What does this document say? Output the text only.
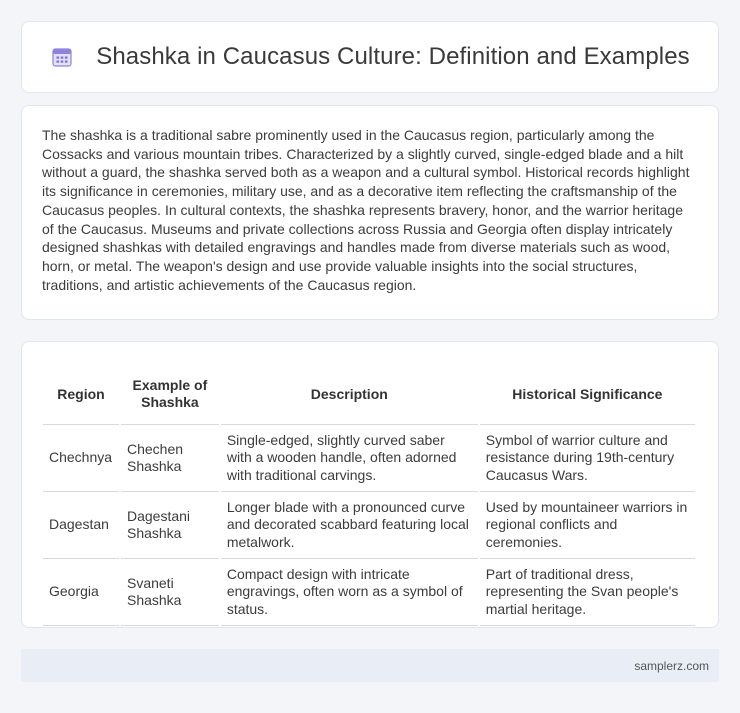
Shashka in Caucasus Culture: Definition and Examples

The shashka is a traditional sabre prominently used in the Caucasus region, particularly among the Cossacks and various mountain tribes. Characterized by a slightly curved, single-edged blade and a hilt without a guard, the shashka served both as a weapon and a cultural symbol. Historical records highlight its significance in ceremonies, military use, and as a decorative item reflecting the craftsmanship of the Caucasus peoples. In cultural contexts, the shashka represents bravery, honor, and the warrior heritage of the Caucasus. Museums and private collections across Russia and Georgia often display intricately designed shashkas with detailed engravings and handles made from diverse materials such as wood, horn, or metal. The weapon's design and use provide valuable insights into the social structures, traditions, and artistic achievements of the Caucasus region.

Region	Example of Shashka	Description	Historical Significance
Chechnya	Chechen Shashka	Single-edged, slightly curved saber with a wooden handle, often adorned with traditional carvings.	Symbol of warrior culture and resistance during 19th-century Caucasus Wars.
Dagestan	Dagestani Shashka	Longer blade with a pronounced curve and decorated scabbard featuring local metalwork.	Used by mountaineer warriors in regional conflicts and ceremonies.
Georgia	Svaneti Shashka	Compact design with intricate engravings, often worn as a symbol of status.	Part of traditional dress, representing the Svan people's martial heritage.
samplerz.com
